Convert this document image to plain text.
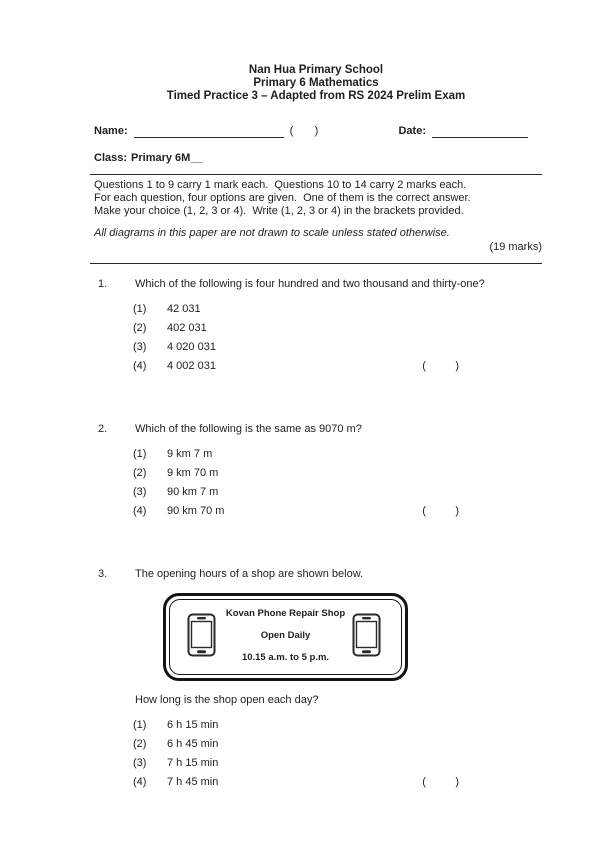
Nan Hua Primary School
Primary 6 Mathematics
Timed Practice 3 – Adapted from RS 2024 Prelim Exam
Name:	(       )	Date:
Class: Primary 6M__
Questions 1 to 9 carry 1 mark each.  Questions 10 to 14 carry 2 marks each.
For each question, four options are given.  One of them is the correct answer.
Make your choice (1, 2, 3 or 4).  Write (1, 2, 3 or 4) in the brackets provided.
All diagrams in this paper are not drawn to scale unless stated otherwise.
(19 marks)
1.	Which of the following is four hundred and two thousand and thirty-one?
(1)	42 031
(2)	402 031
(3)	4 020 031
(4)	4 002 031	(       )
2.	Which of the following is the same as 9070 m?
(1)	9 km 7 m
(2)	9 km 70 m
(3)	90 km 7 m
(4)	90 km 70 m	(       )
3.	The opening hours of a shop are shown below.
Kovan Phone Repair Shop
Open Daily
10.15 a.m. to 5 p.m.
How long is the shop open each day?
(1)	6 h 15 min
(2)	6 h 45 min
(3)	7 h 15 min
(4)	7 h 45 min	(       )
